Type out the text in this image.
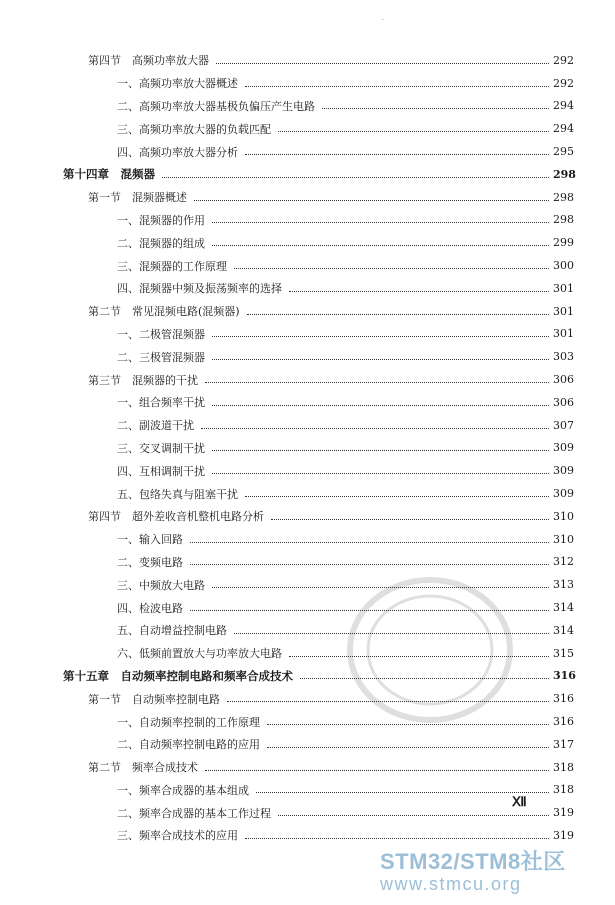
·
第四节　高频功率放大器	292
一、高频功率放大器概述	292
二、高频功率放大器基极负偏压产生电路	294
三、高频功率放大器的负载匹配	294
四、高频功率放大器分析	295
第十四章　混频器	298
第一节　混频器概述	298
一、混频器的作用	298
二、混频器的组成	299
三、混频器的工作原理	300
四、混频器中频及振荡频率的选择	301
第二节　常见混频电路(混频器)	301
一、二极管混频器	301
二、三极管混频器	303
第三节　混频器的干扰	306
一、组合频率干扰	306
二、副波道干扰	307
三、交叉调制干扰	309
四、互相调制干扰	309
五、包络失真与阻塞干扰	309
第四节　超外差收音机整机电路分析	310
一、输入回路	310
二、变频电路	312
三、中频放大电路	313
四、检波电路	314
五、自动增益控制电路	314
六、低频前置放大与功率放大电路	315
第十五章　自动频率控制电路和频率合成技术	316
第一节　自动频率控制电路	316
一、自动频率控制的工作原理	316
二、自动频率控制电路的应用	317
第二节　频率合成技术	318
一、频率合成器的基本组成	318
二、频率合成器的基本工作过程	319
三、频率合成技术的应用	319
Ⅻ
STM32/STM8社区
www.stmcu.org
